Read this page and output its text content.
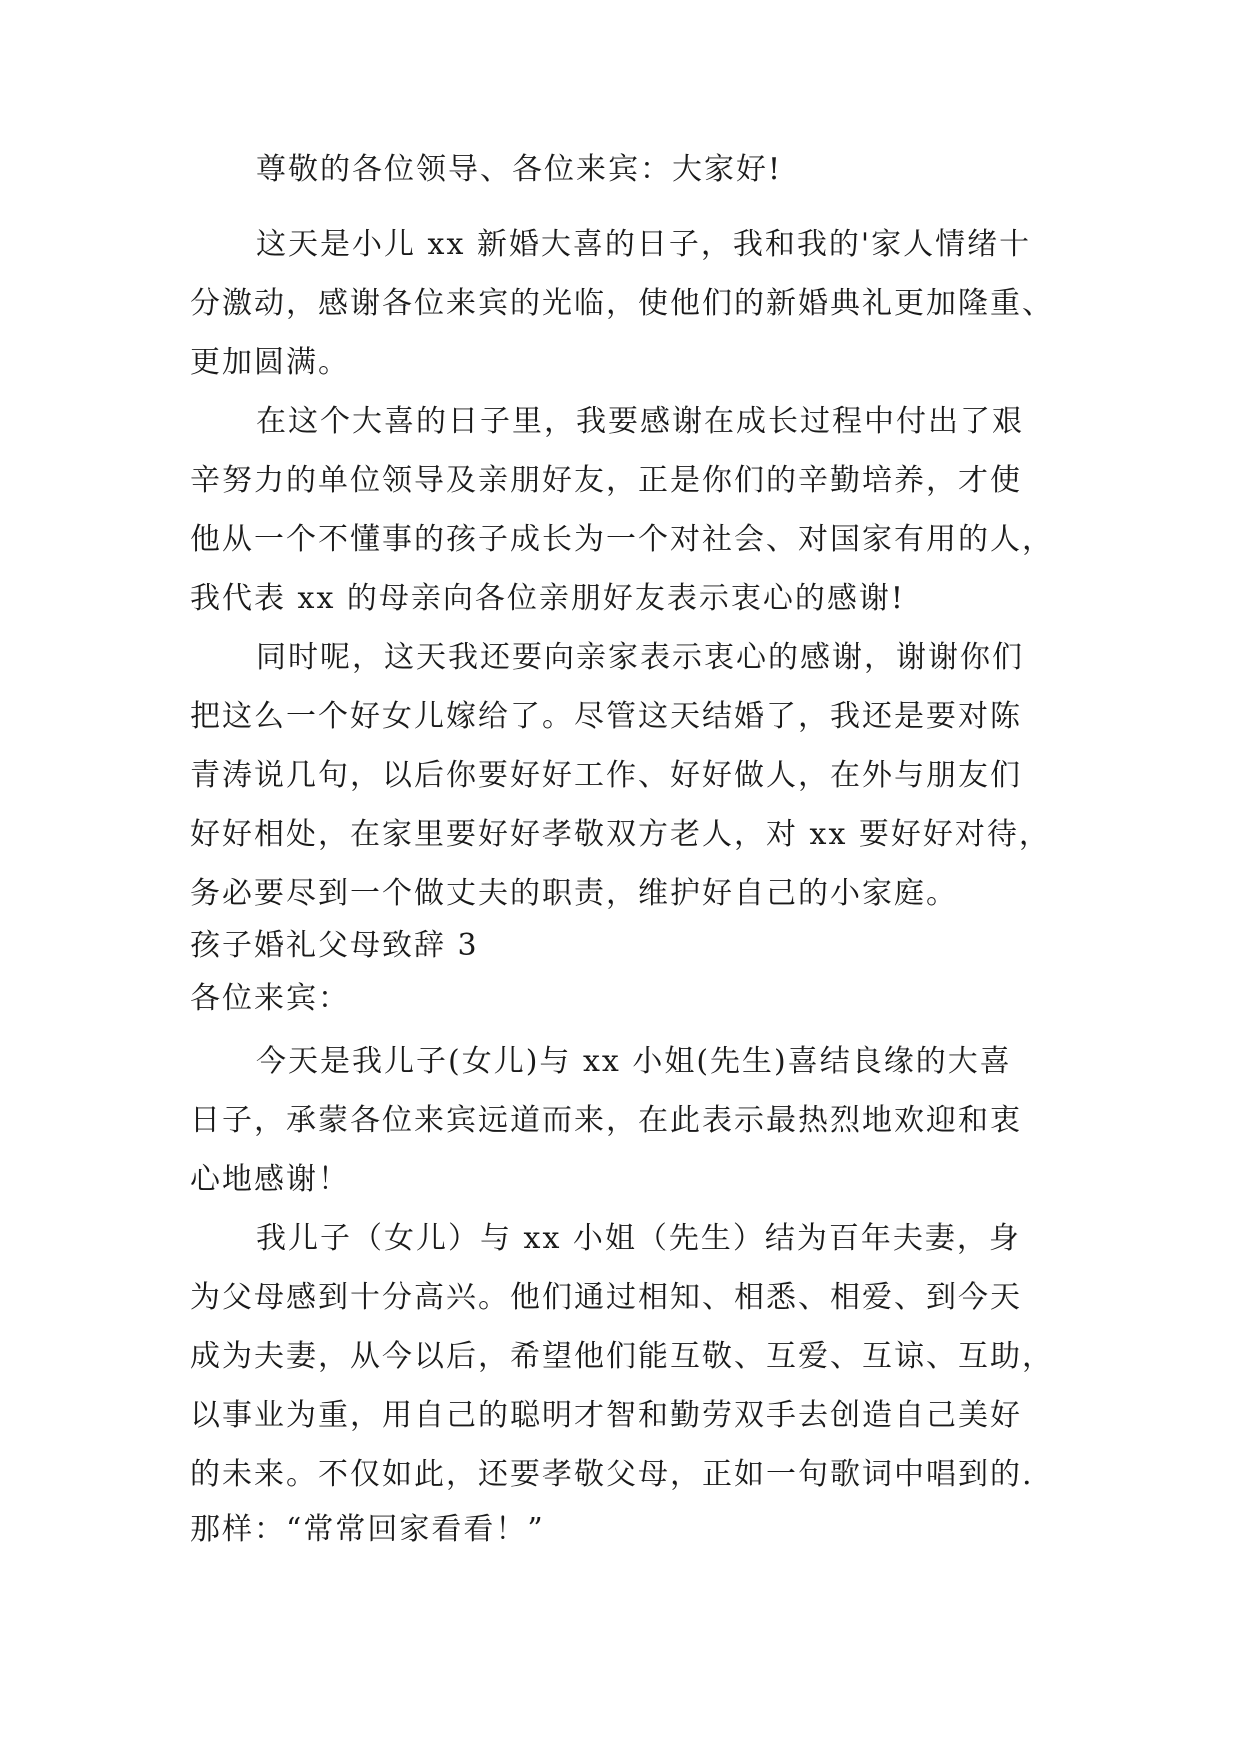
尊敬的各位领导、各位来宾：大家好!
这天是小儿 xx 新婚大喜的日子，我和我的'家人情绪十
分激动，感谢各位来宾的光临，使他们的新婚典礼更加隆重、
更加圆满。
在这个大喜的日子里，我要感谢在成长过程中付出了艰
辛努力的单位领导及亲朋好友，正是你们的辛勤培养，才使
他从一个不懂事的孩子成长为一个对社会、对国家有用的人，
我代表 xx 的母亲向各位亲朋好友表示衷心的感谢!
同时呢，这天我还要向亲家表示衷心的感谢，谢谢你们
把这么一个好女儿嫁给了。尽管这天结婚了，我还是要对陈
青涛说几句，以后你要好好工作、好好做人，在外与朋友们
好好相处，在家里要好好孝敬双方老人，对 xx 要好好对待，
务必要尽到一个做丈夫的职责，维护好自己的小家庭。
孩子婚礼父母致辞 3
各位来宾：
今天是我儿子(女儿)与 xx 小姐(先生)喜结良缘的大喜
日子，承蒙各位来宾远道而来，在此表示最热烈地欢迎和衷
心地感谢！
我儿子（女儿）与 xx 小姐（先生）结为百年夫妻，身
为父母感到十分高兴。他们通过相知、相悉、相爱、到今天
成为夫妻，从今以后，希望他们能互敬、互爱、互谅、互助，
以事业为重，用自己的聪明才智和勤劳双手去创造自己美好
的未来。不仅如此，还要孝敬父母，正如一句歌词中唱到的.
那样：“常常回家看看！”
